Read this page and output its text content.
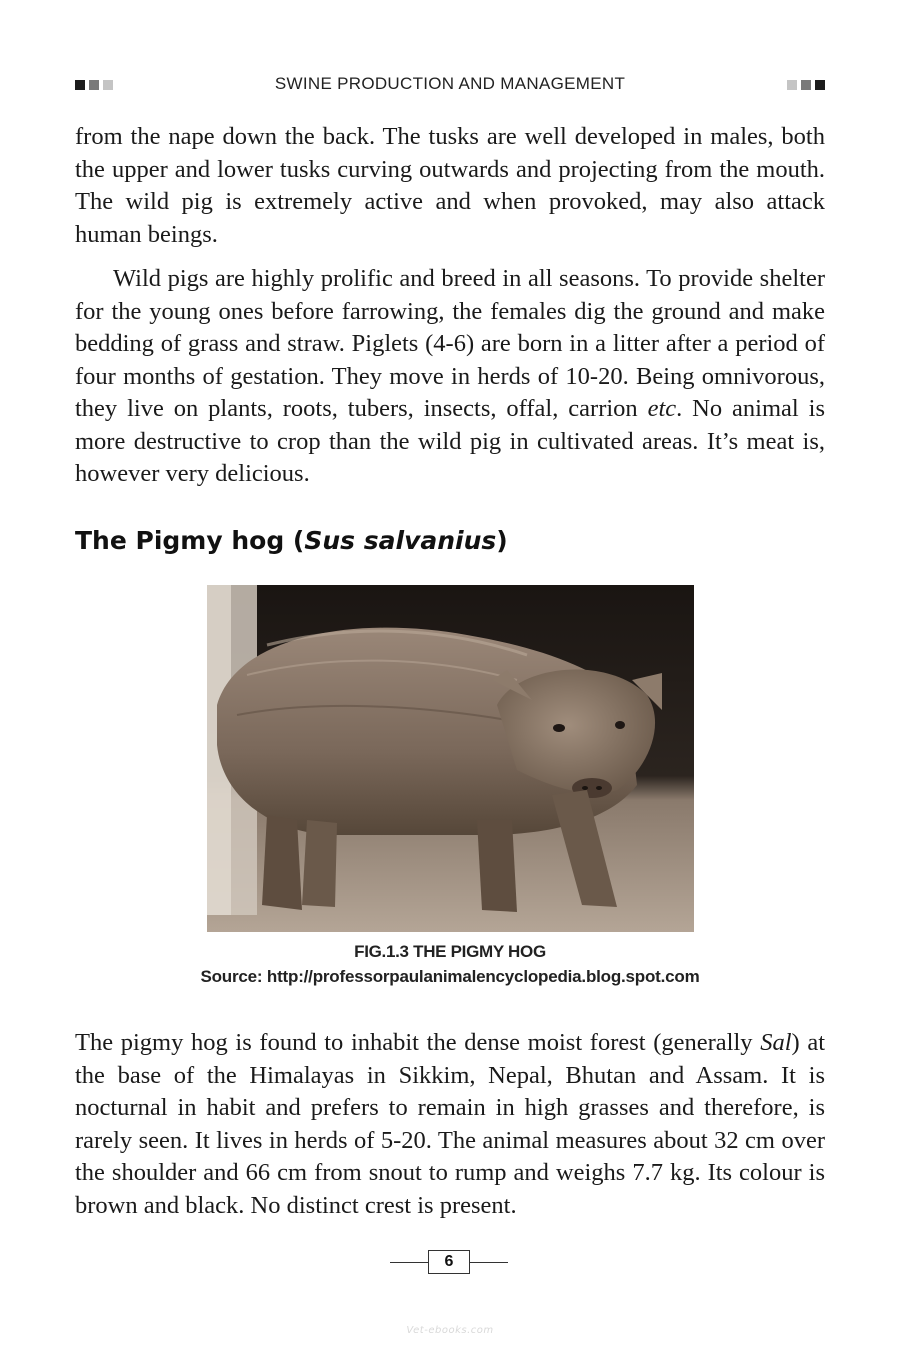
SWINE PRODUCTION AND MANAGEMENT

from the nape down the back. The tusks are well developed in males, both the upper and lower tusks curving outwards and projecting from the mouth. The wild pig is extremely active and when provoked, may also attack human beings.

Wild pigs are highly prolific and breed in all seasons. To provide shelter for the young ones before farrowing, the females dig the ground and make bedding of grass and straw. Piglets (4-6) are born in a litter after a period of four months of gestation. They move in herds of 10-20. Being omnivorous, they live on plants, roots, tubers, insects, offal, carrion etc. No animal is more destructive to crop than the wild pig in cultivated areas. It’s meat is, however very delicious.

The Pigmy hog (Sus salvanius)
FIG.1.3 THE PIGMY HOG
Source: http://professorpaulanimalencyclopedia.blog.spot.com

The pigmy hog is found to inhabit the dense moist forest (generally Sal) at the base of the Himalayas in Sikkim, Nepal, Bhutan and Assam. It is nocturnal in habit and prefers to remain in high grasses and therefore, is rarely seen. It lives in herds of 5-20. The animal measures about 32 cm over the shoulder and 66 cm from snout to rump and weighs 7.7 kg. Its colour is brown and black. No distinct crest is present.

6
Vet-ebooks.com
